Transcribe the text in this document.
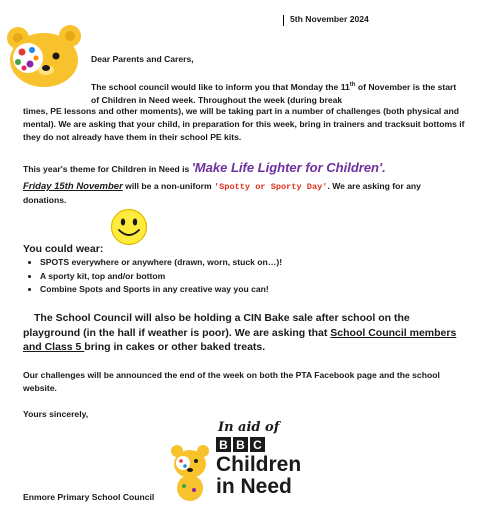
5th November 2024
Dear Parents and Carers,
The school council would like to inform you that Monday the 11th of November is the start of Children in Need week. Throughout the week (during break
This year's theme for Children in Need is 'Make Life Lighter for Children'.
Friday 15th November will be a non-uniform 'Spotty or Sporty Day'. We are asking for any donations.
You could wear:
• SPOTS everywhere or anywhere (drawn, worn, stuck on…)!
• A sporty kit, top and/or bottom
• Combine Spots and Sports in any creative way you can!
The School Council will also be holding a CIN Bake sale after school on the playground (in the hall if weather is poor). We are asking that School Council members and Class 5 bring in cakes or other baked treats.
Our challenges will be announced the end of the week on both the PTA Facebook page and the school website.
Yours sincerely,
In aid of
B B C
Children
in Need
Enmore Primary School Council
times, PE lessons and other moments), we will be taking part in a number of challenges (both physical and mental). We are asking that your child, in preparation for this week, bring in trainers and tracksuit bottoms if they do not already have them in their school PE kits.
